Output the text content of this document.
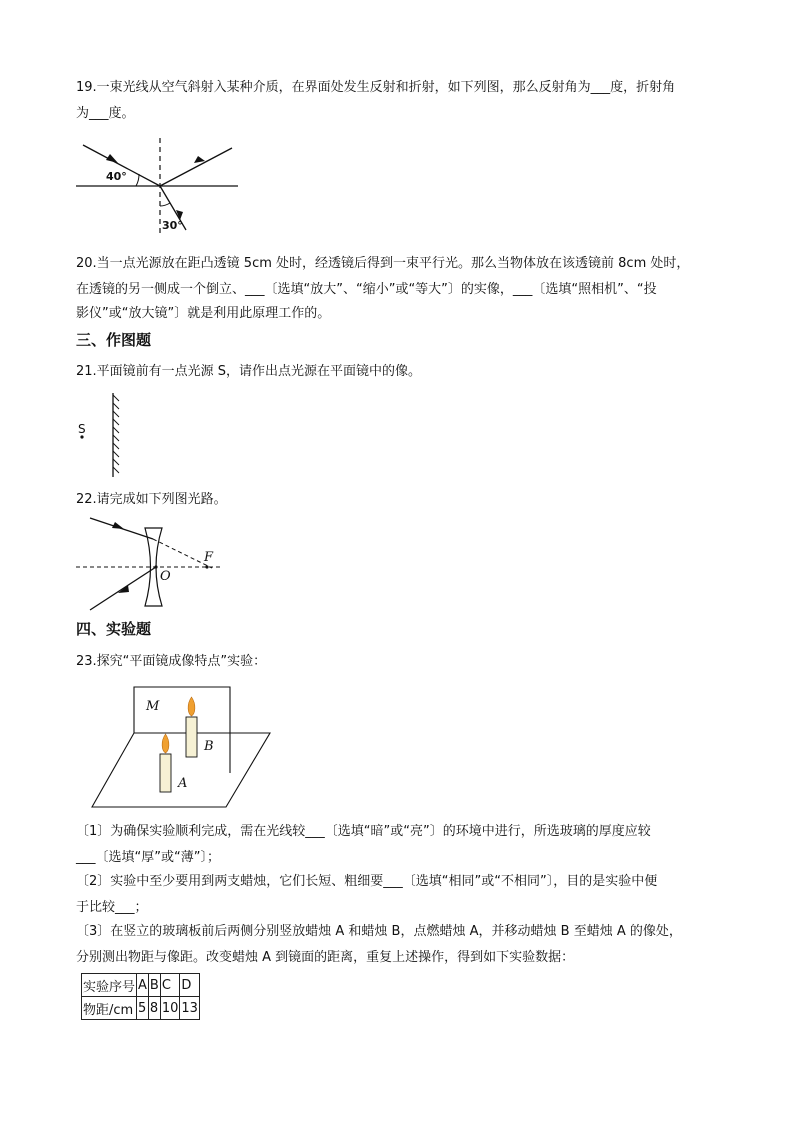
19.一束光线从空气斜射入某种介质，在界面处发生反射和折射，如下列图，那么反射角为___度，折射角
为___度。
40°
30°
20.当一点光源放在距凸透镜 5cm 处时，经透镜后得到一束平行光。那么当物体放在该透镜前 8cm 处时，
在透镜的另一侧成一个倒立、___〔选填“放大”、“缩小”或“等大”〕的实像，___〔选填“照相机”、“投
影仪”或“放大镜”〕就是利用此原理工作的。
三、作图题
21.平面镜前有一点光源 S，请作出点光源在平面镜中的像。
S
22.请完成如下列图光路。
F
O
四、实验题
23.探究“平面镜成像特点”实验：
M
B
A
〔1〕为确保实验顺利完成，需在光线较___〔选填“暗”或“亮”〕的环境中进行，所选玻璃的厚度应较
___〔选填“厚”或“薄”〕；
〔2〕实验中至少要用到两支蜡烛，它们长短、粗细要___〔选填“相同”或“不相同”〕，目的是实验中便
于比较___；
〔3〕在竖立的玻璃板前后两侧分别竖放蜡烛 A 和蜡烛 B，点燃蜡烛 A，并移动蜡烛 B 至蜡烛 A 的像处，
分别测出物距与像距。改变蜡烛 A 到镜面的距离，重复上述操作，得到如下实验数据：
实验序号	A	B	C	D
物距/cm	5	8	10	13
